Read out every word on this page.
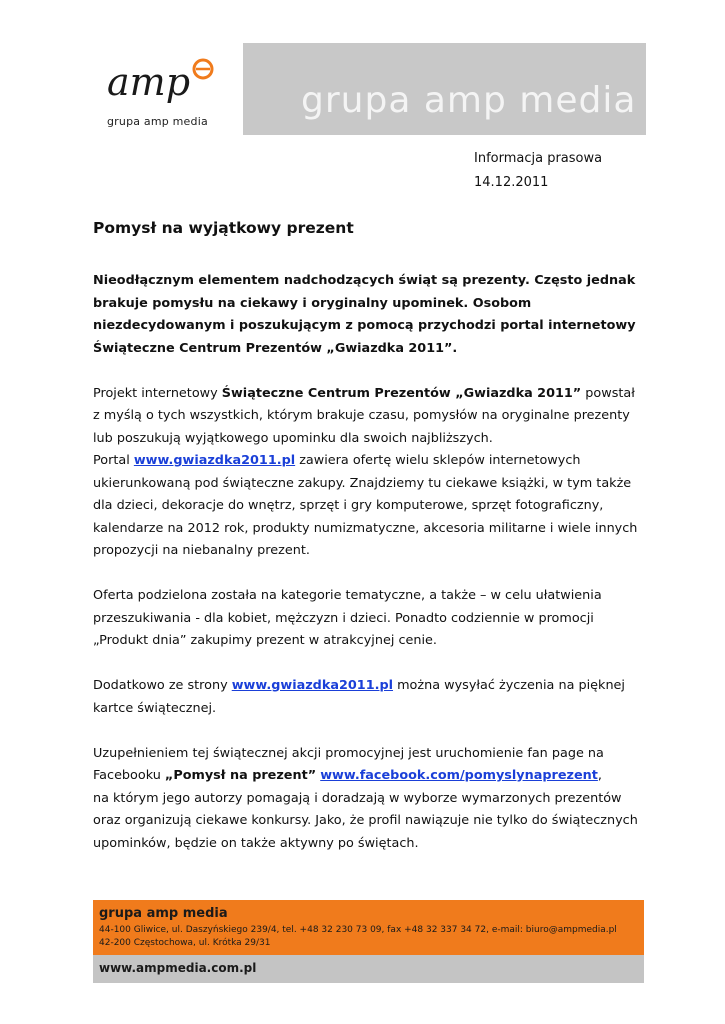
amp
grupa amp media
grupa amp media
Informacja prasowa
14.12.2011
Pomysł na wyjątkowy prezent

Nieodłącznym elementem nadchodzących świąt są prezenty. Często jednak brakuje pomysłu na ciekawy i oryginalny upominek. Osobom niezdecydowanym i poszukującym z pomocą przychodzi portal internetowy Świąteczne Centrum Prezentów „Gwiazdka 2011”.

Projekt internetowy Świąteczne Centrum Prezentów „Gwiazdka 2011” powstał z myślą o tych wszystkich, którym brakuje czasu, pomysłów na oryginalne prezenty lub poszukują wyjątkowego upominku dla swoich najbliższych.

Portal www.gwiazdka2011.pl zawiera ofertę wielu sklepów internetowych ukierunkowaną pod świąteczne zakupy. Znajdziemy tu ciekawe książki, w tym także dla dzieci, dekoracje do wnętrz, sprzęt i gry komputerowe, sprzęt fotograficzny, kalendarze na 2012 rok, produkty numizmatyczne, akcesoria militarne i wiele innych propozycji na niebanalny prezent.

Oferta podzielona została na kategorie tematyczne, a także – w celu ułatwienia przeszukiwania - dla kobiet, mężczyzn i dzieci. Ponadto codziennie w promocji „Produkt dnia” zakupimy prezent w atrakcyjnej cenie.

Dodatkowo ze strony www.gwiazdka2011.pl można wysyłać życzenia na pięknej kartce świątecznej.

Uzupełnieniem tej świątecznej akcji promocyjnej jest uruchomienie fan page na Facebooku „Pomysł na prezent” www.facebook.com/pomyslynaprezent,
na którym jego autorzy pomagają i doradzają w wyborze wymarzonych prezentów oraz organizują ciekawe konkursy. Jako, że profil nawiązuje nie tylko do świątecznych upominków, będzie on także aktywny po świętach.

grupa amp media
44-100 Gliwice, ul. Daszyńskiego 239/4, tel. +48 32 230 73 09, fax +48 32 337 34 72, e-mail: biuro@ampmedia.pl
42-200 Częstochowa, ul. Krótka 29/31
www.ampmedia.com.pl
